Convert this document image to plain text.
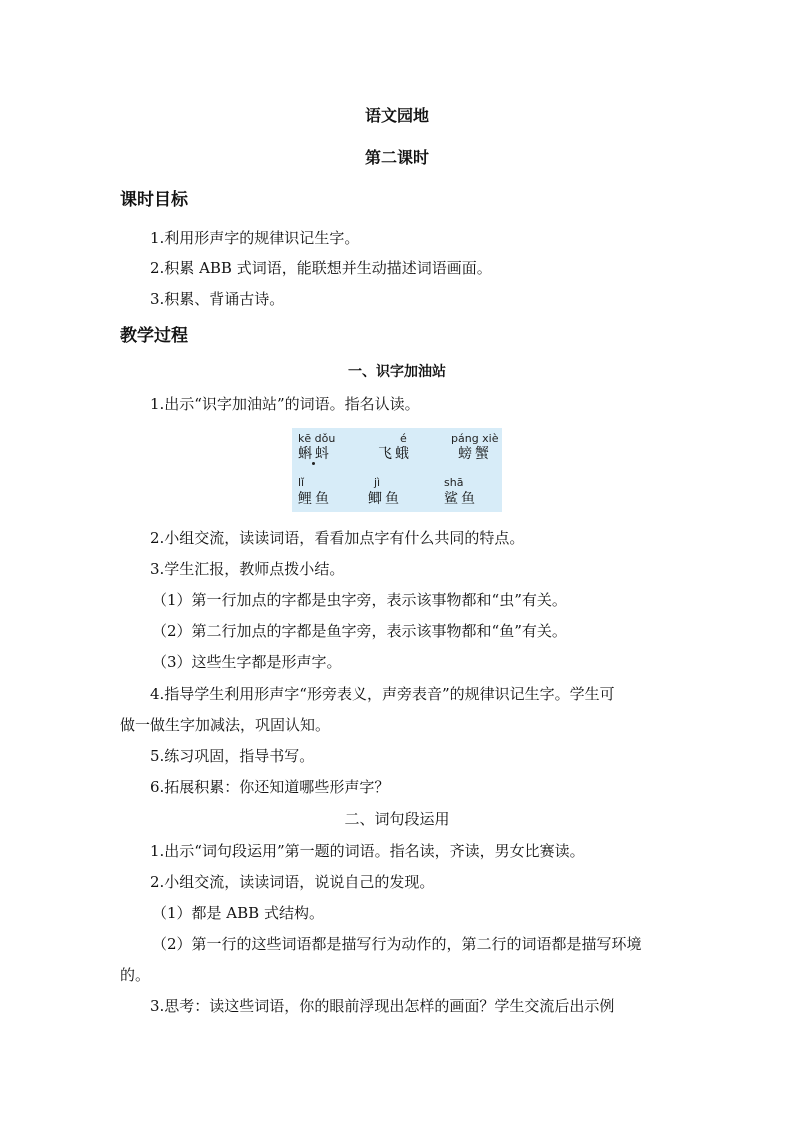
语文园地
第二课时
课时目标
1.利用形声字的规律识记生字。
2.积累 ABB 式词语，能联想并生动描述词语画面。
3.积累、背诵古诗。
教学过程
一、识字加油站
1.出示“识字加油站”的词语。指名认读。
kē dǒu
蝌蚪
é
飞蛾
páng xiè
螃蟹
lǐ
鲤鱼
jì
鲫鱼
shā
鲨鱼
2.小组交流，读读词语，看看加点字有什么共同的特点。
3.学生汇报，教师点拨小结。
（1）第一行加点的字都是虫字旁，表示该事物都和“虫”有关。
（2）第二行加点的字都是鱼字旁，表示该事物都和“鱼”有关。
（3）这些生字都是形声字。
4.指导学生利用形声字“形旁表义，声旁表音”的规律识记生字。学生可
做一做生字加减法，巩固认知。
5.练习巩固，指导书写。
6.拓展积累：你还知道哪些形声字？
二、词句段运用
1.出示“词句段运用”第一题的词语。指名读，齐读，男女比赛读。
2.小组交流，读读词语，说说自己的发现。
（1）都是 ABB 式结构。
（2）第一行的这些词语都是描写行为动作的，第二行的词语都是描写环境
的。
3.思考：读这些词语，你的眼前浮现出怎样的画面？学生交流后出示例
